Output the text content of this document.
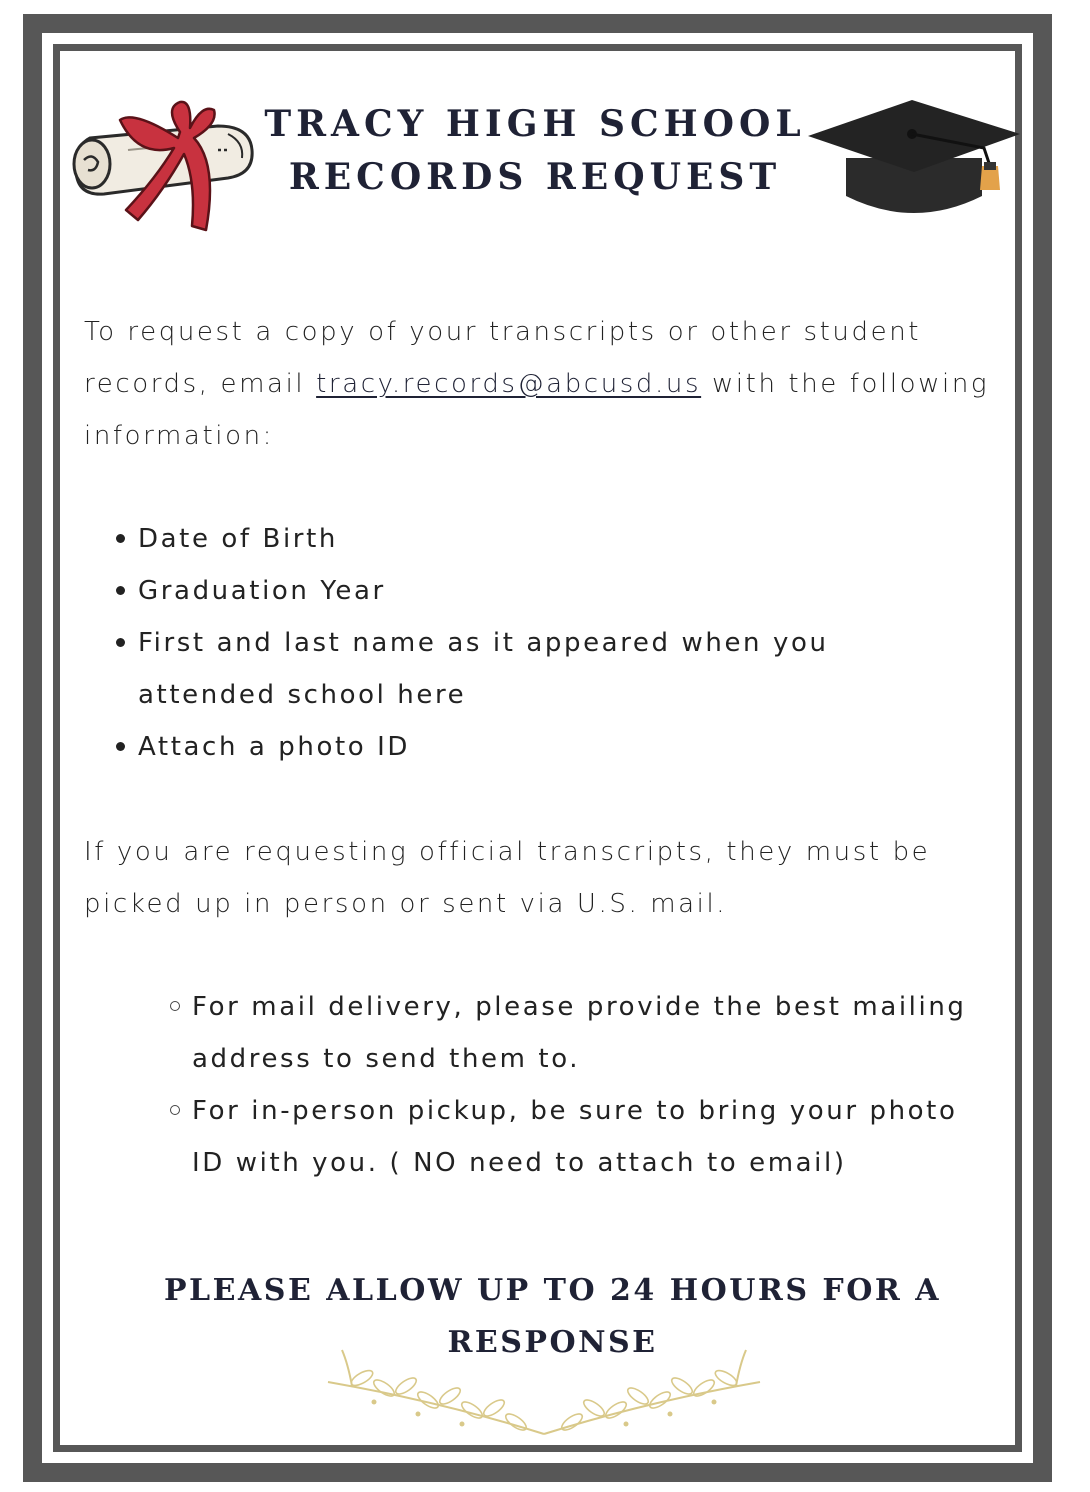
TRACY HIGH SCHOOL
RECORDS REQUEST
To request a copy of your transcripts or other student records, email tracy.records@abcusd.us with the following information:
Date of Birth
Graduation Year
First and last name as it appeared when you attended school here
Attach a photo ID
If you are requesting official transcripts, they must be picked up in person or sent via U.S. mail.
For mail delivery, please provide the best mailing address to send them to.
For in-person pickup, be sure to bring your photo ID with you. ( NO need to attach to email)
PLEASE ALLOW UP TO 24 HOURS FOR A
RESPONSE
